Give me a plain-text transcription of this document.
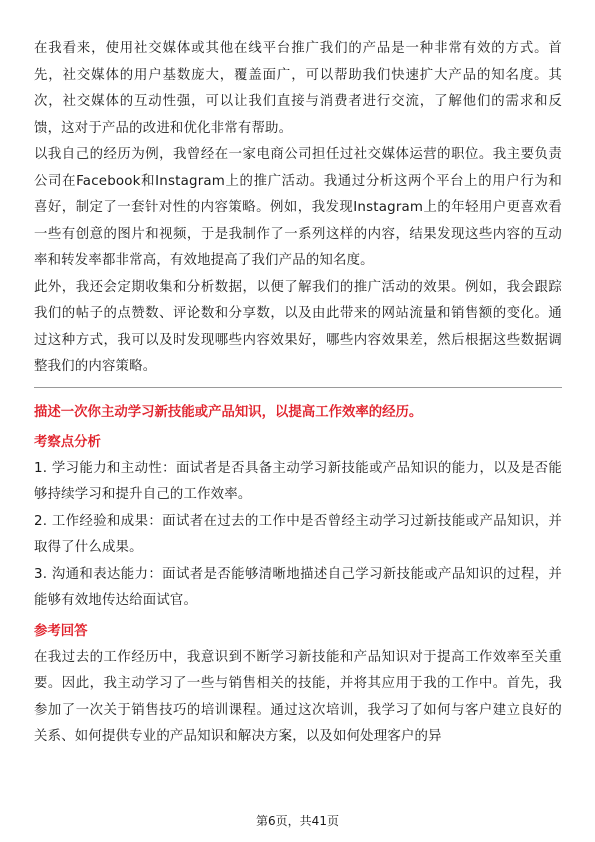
在我看来，使用社交媒体或其他在线平台推广我们的产品是一种非常有效的方式。首先，社交媒体的用户基数庞大，覆盖面广，可以帮助我们快速扩大产品的知名度。其次，社交媒体的互动性强，可以让我们直接与消费者进行交流，了解他们的需求和反馈，这对于产品的改进和优化非常有帮助。

以我自己的经历为例，我曾经在一家电商公司担任过社交媒体运营的职位。我主要负责公司在Facebook和Instagram上的推广活动。我通过分析这两个平台上的用户行为和喜好，制定了一套针对性的内容策略。例如，我发现Instagram上的年轻用户更喜欢看一些有创意的图片和视频，于是我制作了一系列这样的内容，结果发现这些内容的互动率和转发率都非常高，有效地提高了我们产品的知名度。

此外，我还会定期收集和分析数据，以便了解我们的推广活动的效果。例如，我会跟踪我们的帖子的点赞数、评论数和分享数，以及由此带来的网站流量和销售额的变化。通过这种方式，我可以及时发现哪些内容效果好，哪些内容效果差，然后根据这些数据调整我们的内容策略。

描述一次你主动学习新技能或产品知识，以提高工作效率的经历。

考察点分析

1. 学习能力和主动性：面试者是否具备主动学习新技能或产品知识的能力，以及是否能够持续学习和提升自己的工作效率。

2. 工作经验和成果：面试者在过去的工作中是否曾经主动学习过新技能或产品知识，并取得了什么成果。

3. 沟通和表达能力：面试者是否能够清晰地描述自己学习新技能或产品知识的过程，并能够有效地传达给面试官。

参考回答

在我过去的工作经历中，我意识到不断学习新技能和产品知识对于提高工作效率至关重要。因此，我主动学习了一些与销售相关的技能，并将其应用于我的工作中。首先，我参加了一次关于销售技巧的培训课程。通过这次培训，我学习了如何与客户建立良好的关系、如何提供专业的产品知识和解决方案，以及如何处理客户的异

第6页，共41页
